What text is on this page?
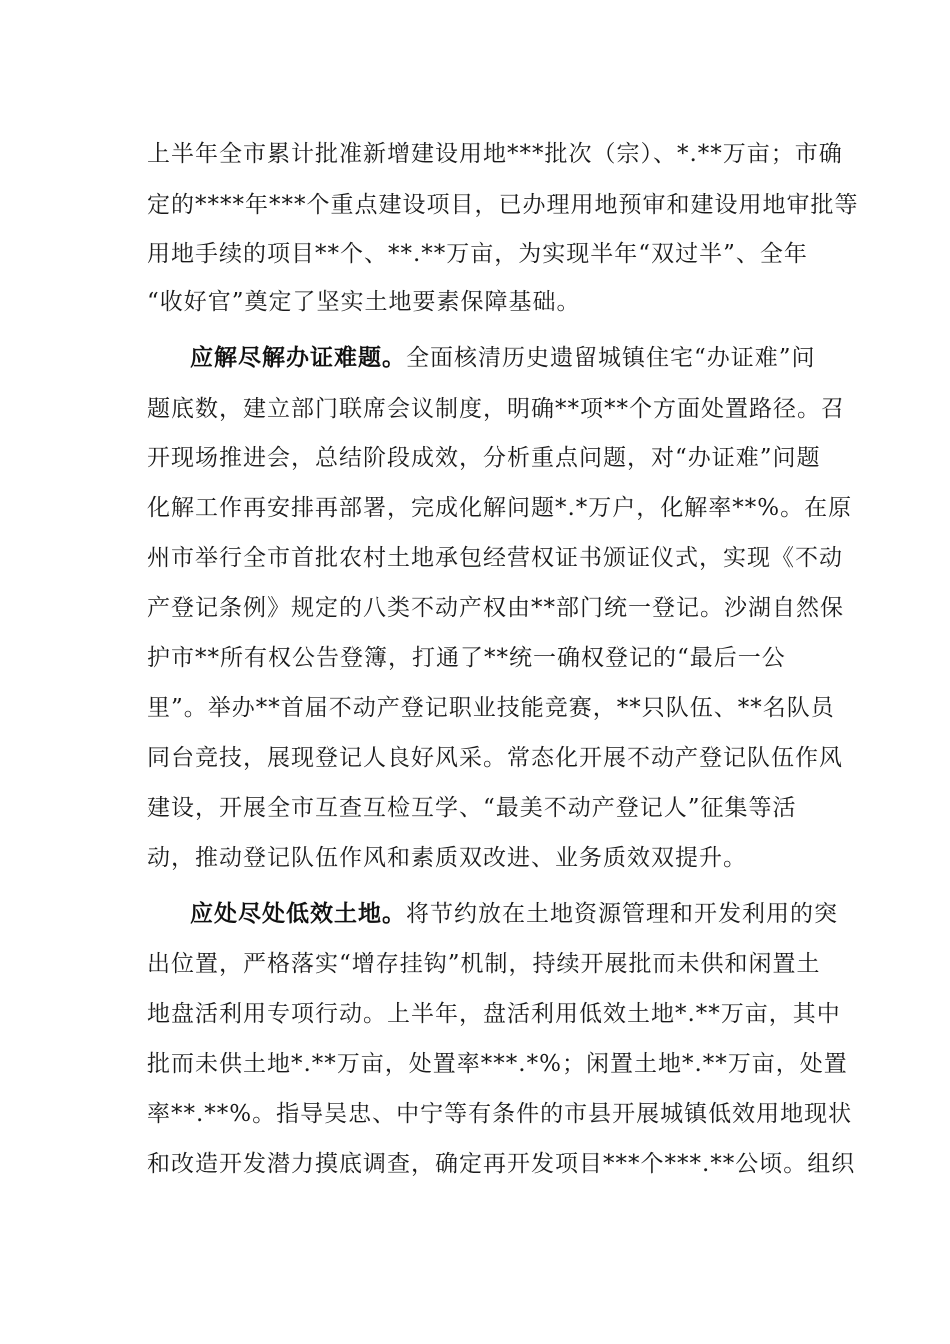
上半年全市累计批准新增建设用地***批次（宗）、*.**万亩；市确
定的****年***个重点建设项目，已办理用地预审和建设用地审批等
用地手续的项目**个、**.**万亩，为实现半年“双过半”、全年
“收好官”奠定了坚实土地要素保障基础。
应解尽解办证难题。全面核清历史遗留城镇住宅“办证难”问
题底数，建立部门联席会议制度，明确**项**个方面处置路径。召
开现场推进会，总结阶段成效，分析重点问题，对“办证难”问题
化解工作再安排再部署，完成化解问题*.*万户，化解率**%。在原
州市举行全市首批农村土地承包经营权证书颁证仪式，实现《不动
产登记条例》规定的八类不动产权由**部门统一登记。沙湖自然保
护市**所有权公告登簿，打通了**统一确权登记的“最后一公
里”。举办**首届不动产登记职业技能竞赛，**只队伍、**名队员
同台竞技，展现登记人良好风采。常态化开展不动产登记队伍作风
建设，开展全市互查互检互学、“最美不动产登记人”征集等活
动，推动登记队伍作风和素质双改进、业务质效双提升。
应处尽处低效土地。将节约放在土地资源管理和开发利用的突
出位置，严格落实“增存挂钩”机制，持续开展批而未供和闲置土
地盘活利用专项行动。上半年，盘活利用低效土地*.**万亩，其中
批而未供土地*.**万亩，处置率***.*%；闲置土地*.**万亩，处置
率**.**%。指导吴忠、中宁等有条件的市县开展城镇低效用地现状
和改造开发潜力摸底调查，确定再开发项目***个***.**公顷。组织
